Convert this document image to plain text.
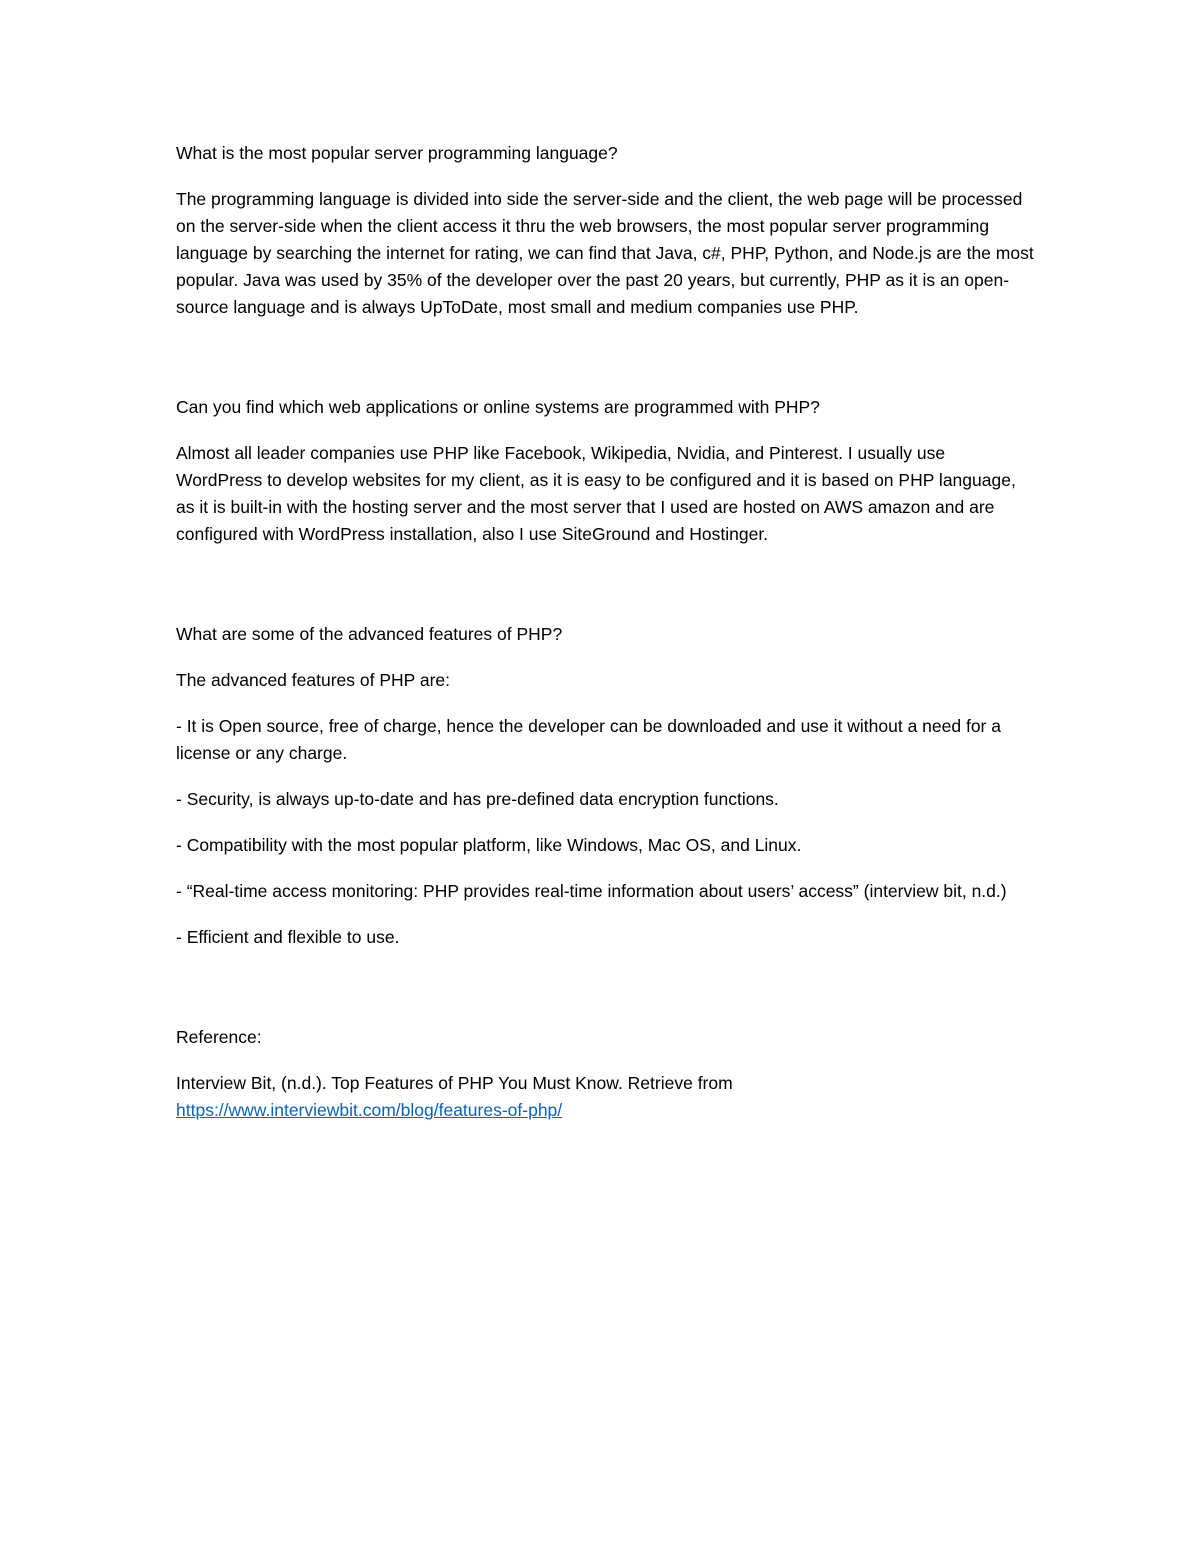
What is the most popular server programming language?

The programming language is divided into side the server-side and the client, the web page will be processed on the server-side when the client access it thru the web browsers, the most popular server programming language by searching the internet for rating, we can find that Java, c#, PHP, Python, and Node.js are the most popular. Java was used by 35% of the developer over the past 20 years, but currently, PHP as it is an open-source language and is always UpToDate, most small and medium companies use PHP.

Can you find which web applications or online systems are programmed with PHP?

Almost all leader companies use PHP like Facebook, Wikipedia, Nvidia, and Pinterest. I usually use WordPress to develop websites for my client, as it is easy to be configured and it is based on PHP language, as it is built-in with the hosting server and the most server that I used are hosted on AWS amazon and are configured with WordPress installation, also I use SiteGround and Hostinger.

What are some of the advanced features of PHP?

The advanced features of PHP are:

- It is Open source, free of charge, hence the developer can be downloaded and use it without a need for a license or any charge.

- Security, is always up-to-date and has pre-defined data encryption functions.

- Compatibility with the most popular platform, like Windows, Mac OS, and Linux.

- “Real-time access monitoring: PHP provides real-time information about users’ access” (interview bit, n.d.)

- Efficient and flexible to use.

Reference:

Interview Bit, (n.d.). Top Features of PHP You Must Know. Retrieve from
https://www.interviewbit.com/blog/features-of-php/
